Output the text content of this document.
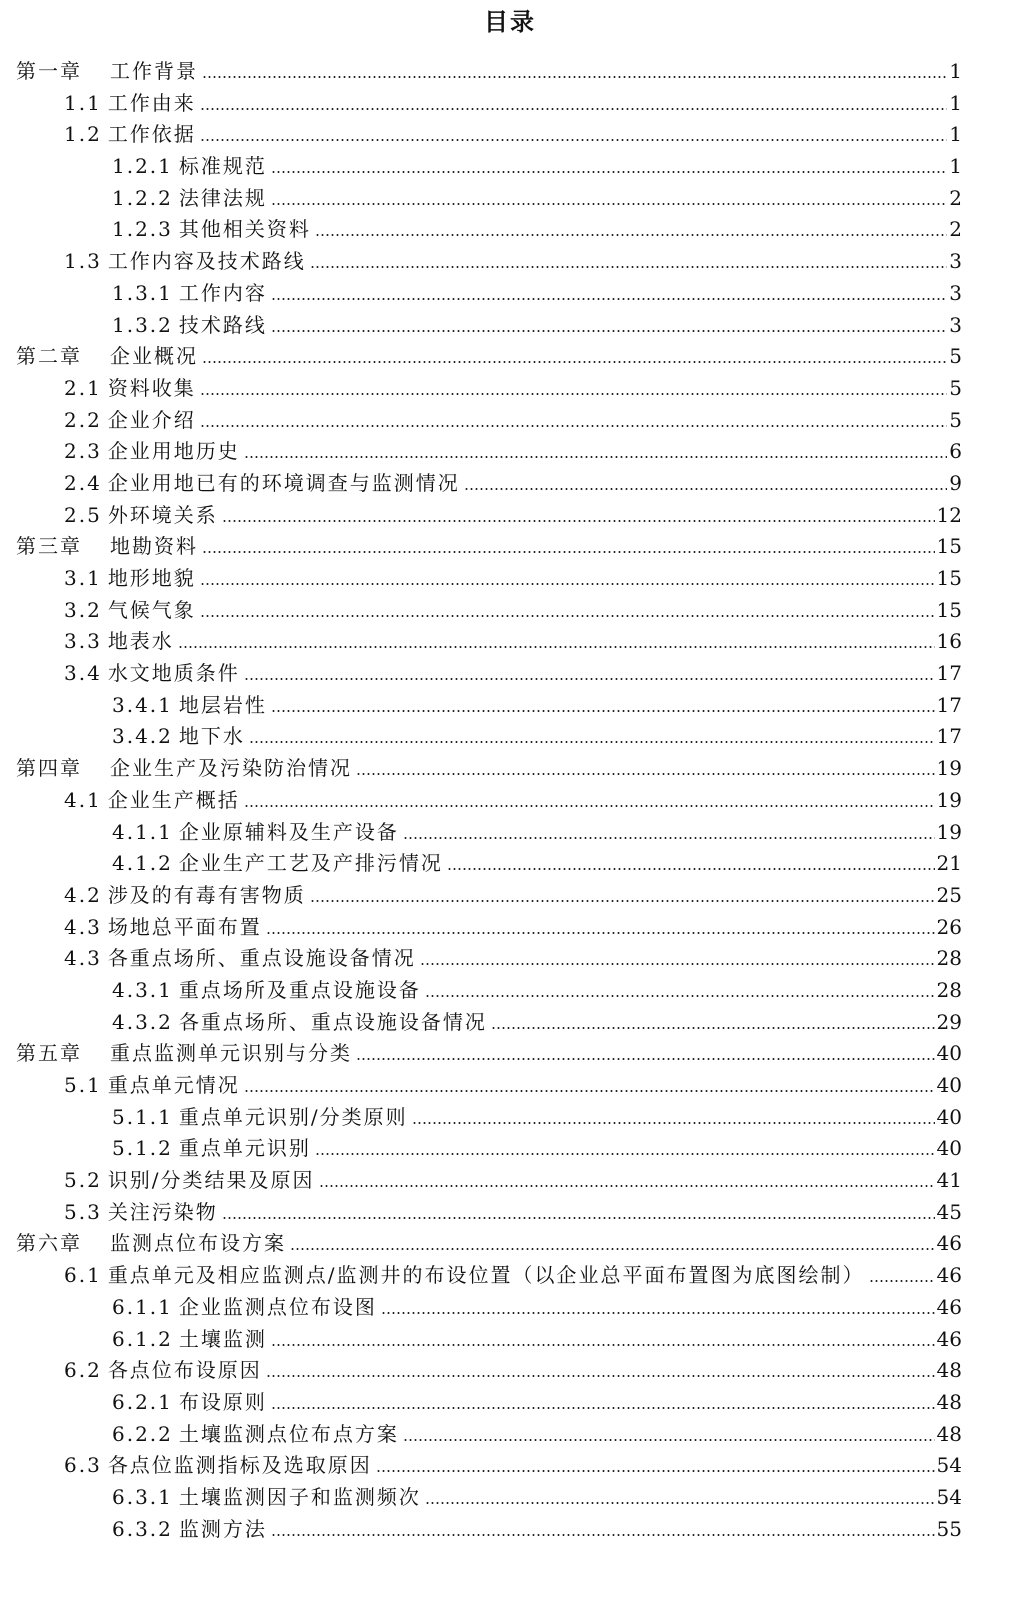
目录
第一章 工作背景	1
1.1 工作由来	1
1.2 工作依据	1
1.2.1 标准规范	1
1.2.2 法律法规	2
1.2.3 其他相关资料	2
1.3 工作内容及技术路线	3
1.3.1 工作内容	3
1.3.2 技术路线	3
第二章 企业概况	5
2.1 资料收集	5
2.2 企业介绍	5
2.3 企业用地历史	6
2.4 企业用地已有的环境调查与监测情况	9
2.5 外环境关系	12
第三章 地勘资料	15
3.1 地形地貌	15
3.2 气候气象	15
3.3 地表水	16
3.4 水文地质条件	17
3.4.1 地层岩性	17
3.4.2 地下水	17
第四章 企业生产及污染防治情况	19
4.1 企业生产概括	19
4.1.1 企业原辅料及生产设备	19
4.1.2 企业生产工艺及产排污情况	21
4.2 涉及的有毒有害物质	25
4.3 场地总平面布置	26
4.3 各重点场所、重点设施设备情况	28
4.3.1 重点场所及重点设施设备	28
4.3.2 各重点场所、重点设施设备情况	29
第五章 重点监测单元识别与分类	40
5.1 重点单元情况	40
5.1.1 重点单元识别/分类原则	40
5.1.2 重点单元识别	40
5.2 识别/分类结果及原因	41
5.3 关注污染物	45
第六章 监测点位布设方案	46
6.1 重点单元及相应监测点/监测井的布设位置（以企业总平面布置图为底图绘制）	46
6.1.1 企业监测点位布设图	46
6.1.2 土壤监测	46
6.2 各点位布设原因	48
6.2.1 布设原则	48
6.2.2 土壤监测点位布点方案	48
6.3 各点位监测指标及选取原因	54
6.3.1 土壤监测因子和监测频次	54
6.3.2 监测方法	55
